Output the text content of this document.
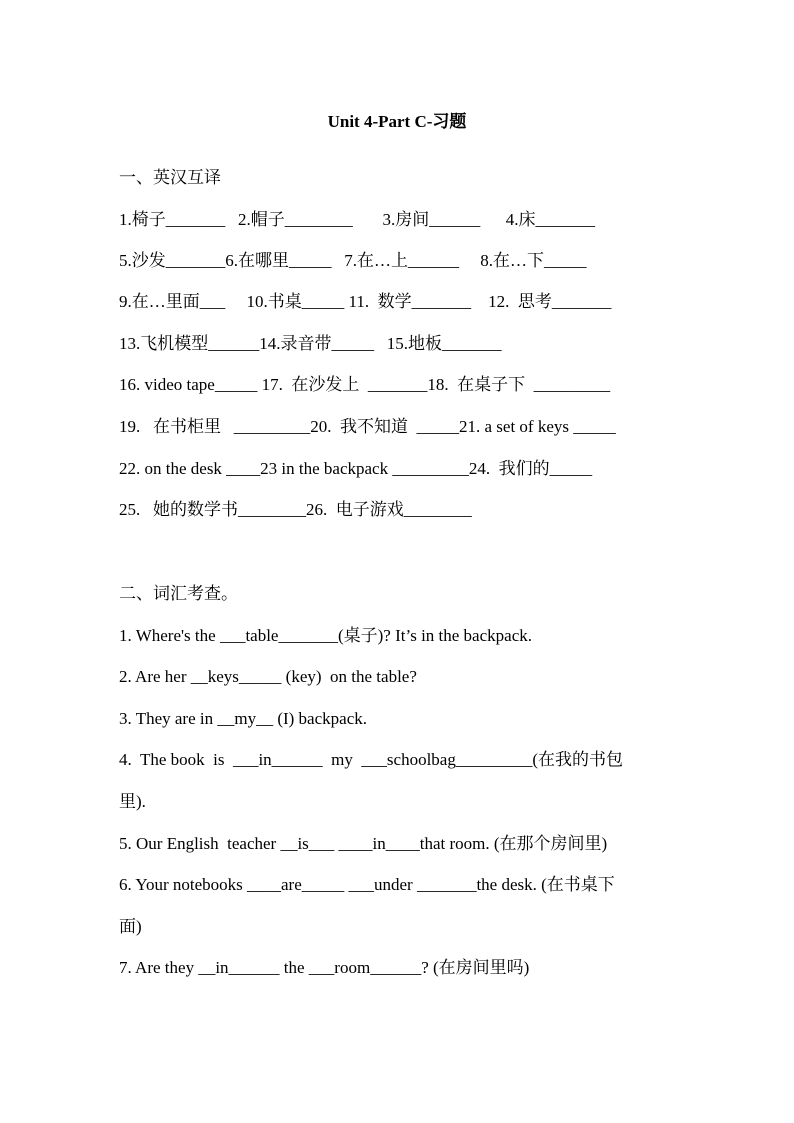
Unit 4-Part C-习题
一、英汉互译
1.椅子_______   2.帽子________       3.房间______      4.床_______
5.沙发_______6.在哪里_____   7.在…上______     8.在…下_____
9.在…里面___     10.书桌_____ 11.  数学_______    12.  思考_______
13.飞机模型______14.录音带_____   15.地板_______
16. video tape_____ 17.  在沙发上  _______18.  在桌子下  _________
19.   在书柜里   _________20.  我不知道  _____21. a set of keys _____
22. on the desk ____23 in the backpack _________24.  我们的_____
25.   她的数学书________26.  电子游戏________
二、词汇考查。
1. Where's the ___table_______(桌子)? It’s in the backpack.
2. Are her __keys_____ (key)  on the table?
3. They are in __my__ (I) backpack.
4.  The book  is  ___in______  my  ___schoolbag_________(在我的书包
里).
5. Our English  teacher __is___ ____in____that room. (在那个房间里)
6. Your notebooks ____are_____ ___under _______the desk. (在书桌下
面)
7. Are they __in______ the ___room______? (在房间里吗)
